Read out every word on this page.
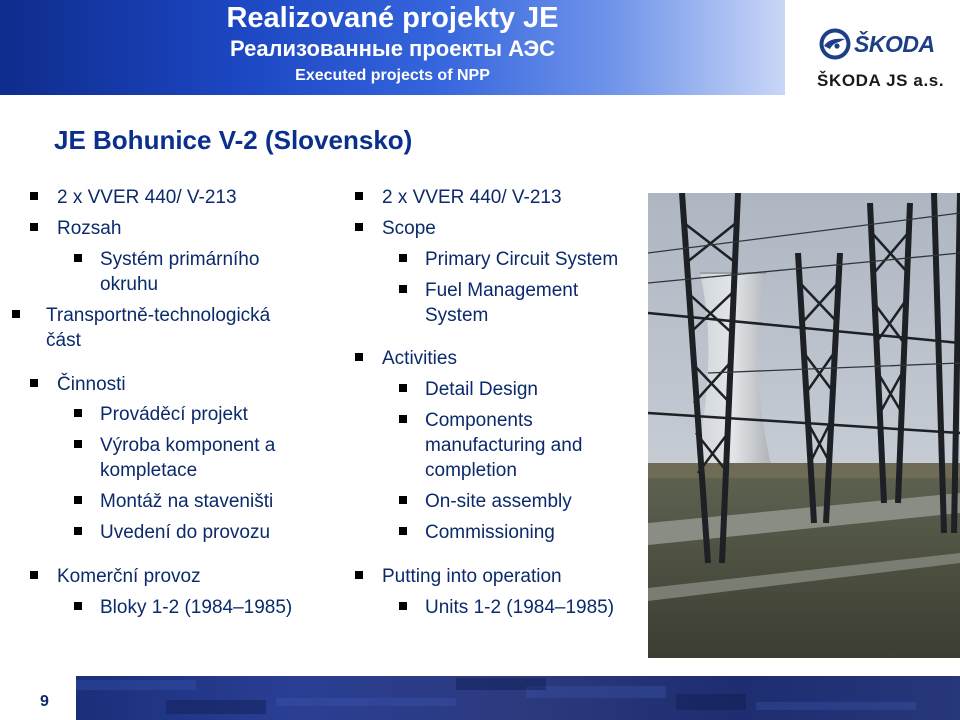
Realizované projekty JE
Реализованные проекты АЭС
Executed projects of NPP
ŠKODA
ŠKODA JS a.s.
JE Bohunice V-2 (Slovensko)
2 x VVER 440/ V-213
Rozsah
Systém primárního
okruhu
Transportně-technologická
část
Činnosti
Prováděcí projekt
Výroba komponent a
kompletace
Montáž na staveništi
Uvedení do provozu
Komerční provoz
Bloky 1-2 (1984–1985)
2 x VVER 440/ V-213
Scope
Primary Circuit System
Fuel Management
System
Activities
Detail Design
Components
manufacturing and
completion
On-site assembly
Commissioning
Putting into operation
Units 1-2 (1984–1985)
9
